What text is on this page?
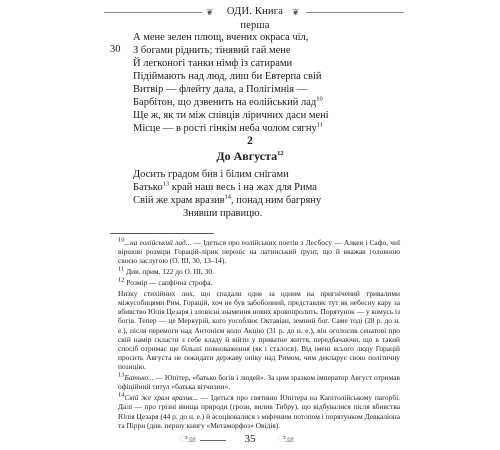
❦	ОДИ. Книга перша
❦
30
А мене зелен плющ, вчених окраса чіл,
З богами ріднить; тінявий гай мене
Й легконогі танки німф із сатирами
Підіймають над люд, лиш би Евтерпа свій
Витвір — флейту дала, а Полігімнія —
Барбітон, що дзвенить на еолійський лад$^{10}$
Ще ж, як ти між співців ліричних даси мені
Місце — в рості гінкім неба чолом сягну$^{11}$
2
До Августа$^{12}$
Досить градом бив і білим снігами
Батько$^{13}$ край наш весь і на жах для Рима
Свій же храм вразив$^{14}$, понад ним багряну
Знявши правицю.

$^{10}$...на еолійський лад... — Ідеться про еолійських поетів з Лесбосу — Алкея і Сафо, чиї віршові розміри Горацій-лірик переніс на латинський ґрунт, що й вважав головною своєю заслугою (О. III, 30, 13–14).

$^{11}$ Див. прим. 122 до О. III, 30.

$^{12}$ Розмір — сапфічна строфа.

Низку стихійних лих, що спадали одне за одним на пригнічений тривалими міжусобицями Рим, Горацій, хоч не був забобонний, представляє тут як небесну кару за вбивство Юлія Цезаря і зловісні знамення нових кровопролить. Порятунок — у комусь із богів. Тепер — це Меркурій, кого уособлює Октавіан, земний бог. Саме тоді (28 р. до н. е.), після перемоги над Антонієм коло Акцію (31 р. до н. е.), він оголосив сенатові про свій намір скласти з себе кладу й війти у приватне життя, передбачаючи, що в такий спосіб отримає ще більші повноваження (як і сталося). Від імені всього люду Горацій просить Августа не покидати державу опіку над Римом, чим декларує свою політичну позицію.

$^{13}$Батько... — Юпітер, «батько богів і людей». За цим зразком імператор Август отримав офіційний титул «батька вітчизни».

$^{14}$Свій же храм вразив... — Ідеться про святиню Юпітера на Капітолійському пагорбі. Далі — про грізні явища природи (грози, вилив Тибру), що відбувалися після вбивства Юлія Цезаря (44 р. до н. е.) й асоціювалися з міфічним потопом і порятунком Девкаліона та Пірри (див. першу книгу «Метаморфоз» Овідія).

ೋ	35	ೋ
